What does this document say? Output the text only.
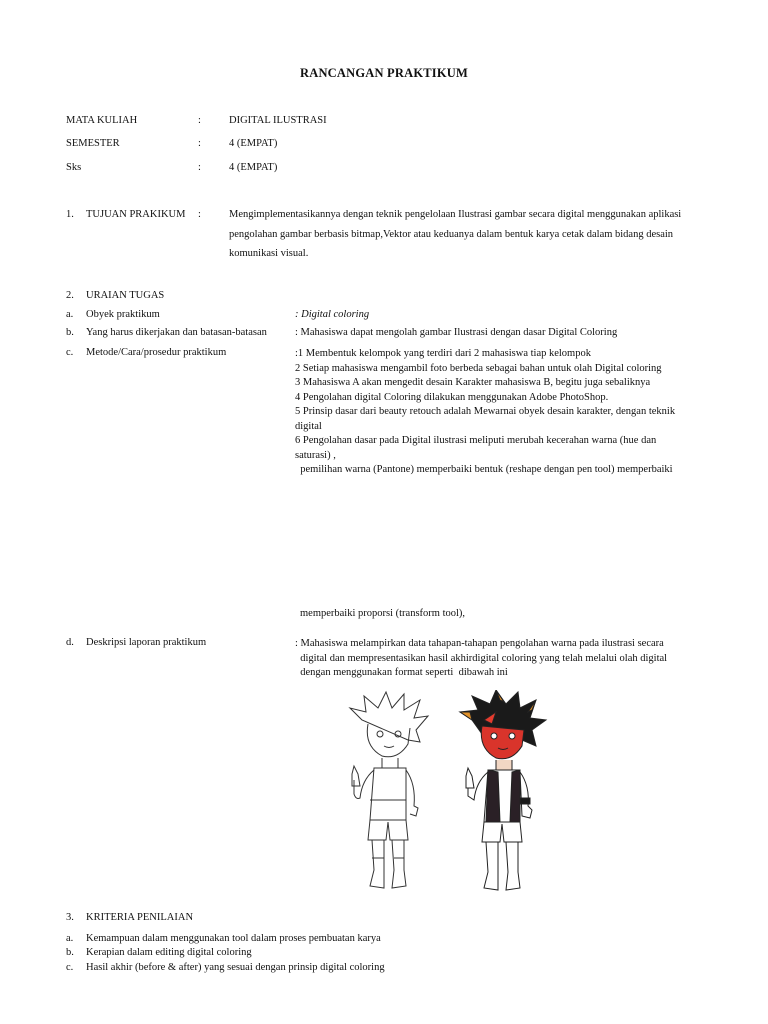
RANCANGAN PRAKTIKUM
MATA KULIAH	:	DIGITAL ILUSTRASI
SEMESTER	:	4 (EMPAT)
Sks	:	4 (EMPAT)
1. TUJUAN PRAKIKUM :	Mengimplementasikannya dengan teknik pengelolaan Ilustrasi gambar secara digital menggunakan aplikasi
pengolahan gambar berbasis bitmap,Vektor atau keduanya dalam bentuk karya cetak dalam bidang desain
komunikasi visual.
2. URAIAN TUGAS
a. Obyek praktikum	: Digital coloring
b. Yang harus dikerjakan dan batasan-batasan	: Mahasiswa dapat mengolah gambar Ilustrasi dengan dasar Digital Coloring
c. Metode/Cara/prosedur praktikum	:1 Membentuk kelompok yang terdiri dari 2 mahasiswa tiap kelompok
2 Setiap mahasiswa mengambil foto berbeda sebagai bahan untuk olah Digital coloring
3 Mahasiswa A akan mengedit desain Karakter mahasiswa B, begitu juga sebaliknya
4 Pengolahan digital Coloring dilakukan menggunakan Adobe PhotoShop.
5 Prinsip dasar dari beauty retouch adalah Mewarnai obyek desain karakter, dengan teknik
digital
6 Pengolahan dasar pada Digital ilustrasi meliputi merubah kecerahan warna (hue dan
saturasi) ,
pemilihan warna (Pantone) memperbaiki bentuk (reshape dengan pen tool) memperbaiki
memperbaiki proporsi (transform tool),
d. Deskripsi laporan praktikum	: Mahasiswa melampirkan data tahapan-tahapan pengolahan warna pada ilustrasi secara
digital dan mempresentasikan hasil akhirdigital coloring yang telah melalui olah digital
dengan menggunakan format seperti  dibawah ini
3. KRITERIA PENILAIAN
a. Kemampuan dalam menggunakan tool dalam proses pembuatan karya
b. Kerapian dalam editing digital coloring
c. Hasil akhir (before & after) yang sesuai dengan prinsip digital coloring
